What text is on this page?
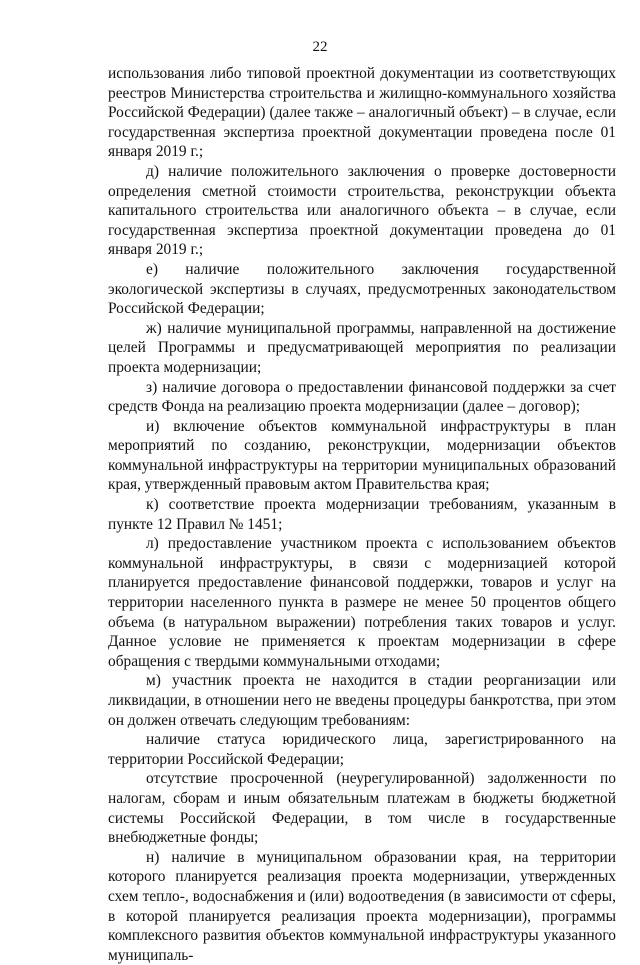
22

использования либо типовой проектной документации из соответствующих реестров Министерства строительства и жилищно-коммунального хозяйства Российской Федерации) (далее также – аналогичный объект) – в случае, если государственная экспертиза проектной документации проведена после 01 января 2019 г.;

д) наличие положительного заключения о проверке достоверности определения сметной стоимости строительства, реконструкции объекта капитального строительства или аналогичного объекта – в случае, если государственная экспертиза проектной документации проведена до 01 января 2019 г.;

е) наличие положительного заключения государственной экологической экспертизы в случаях, предусмотренных законодательством Российской Федерации;

ж) наличие муниципальной программы, направленной на достижение целей Программы и предусматривающей мероприятия по реализации проекта модернизации;

з) наличие договора о предоставлении финансовой поддержки за счет средств Фонда на реализацию проекта модернизации (далее – договор);

и) включение объектов коммунальной инфраструктуры в план мероприятий по созданию, реконструкции, модернизации объектов коммунальной инфраструктуры на территории муниципальных образований края, утвержденный правовым актом Правительства края;

к) соответствие проекта модернизации требованиям, указанным в пункте 12 Правил № 1451;

л) предоставление участником проекта с использованием объектов коммунальной инфраструктуры, в связи с модернизацией которой планируется предоставление финансовой поддержки, товаров и услуг на территории населенного пункта в размере не менее 50 процентов общего объема (в натуральном выражении) потребления таких товаров и услуг. Данное условие не применяется к проектам модернизации в сфере обращения с твердыми коммунальными отходами;

м) участник проекта не находится в стадии реорганизации или ликвидации, в отношении него не введены процедуры банкротства, при этом он должен отвечать следующим требованиям:

наличие статуса юридического лица, зарегистрированного на территории Российской Федерации;

отсутствие просроченной (неурегулированной) задолженности по налогам, сборам и иным обязательным платежам в бюджеты бюджетной системы Российской Федерации, в том числе в государственные внебюджетные фонды;

н) наличие в муниципальном образовании края, на территории которого планируется реализация проекта модернизации, утвержденных схем тепло-, водоснабжения и (или) водоотведения (в зависимости от сферы, в которой планируется реализация проекта модернизации), программы комплексного развития объектов коммунальной инфраструктуры указанного муниципаль-
